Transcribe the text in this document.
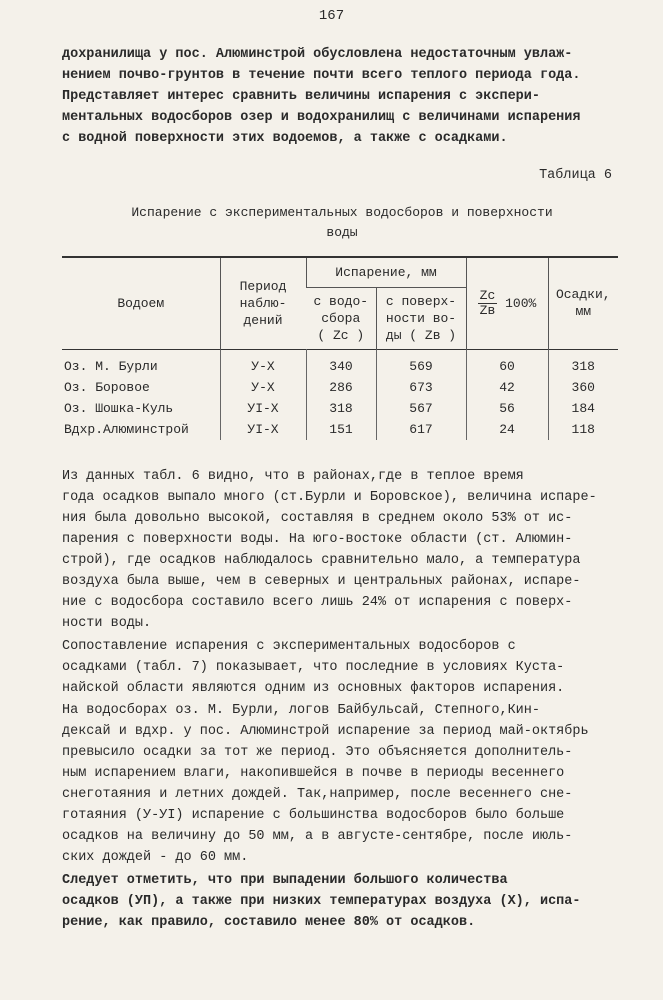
167
дохранилища у пос. Алюминстрой обусловлена недостаточным увлаж-
нением почво-грунтов в течение почти всего теплого периода года.
Представляет интерес сравнить величины испарения с экспери-
ментальных водосборов озер и водохранилищ с величинами испарения
с водной поверхности этих водоемов, а также с осадками.
Таблица 6
Испарение с экспериментальных водосборов и поверхности
воды
Водоем	Период
наблю-
дений	Испарение, мм		$\frac{Zc}{Zв} 100\%$	Осадки,
мм

		с водо-
сбора
( Zc )	с поверх-
ности во-
ды ( Zв )		

Оз. М. Бурли	У-Х	340	569	60	318
Оз. Боровое	У-Х	286	673	42	360
Оз. Шошка-Куль	УI-Х	318	567	56	184
Вдхр.Алюминстрой	УI-Х	151	617	24	118
Из данных табл. 6 видно, что в районах,где в теплое время
года осадков выпало много (ст.Бурли и Боровское), величина испаре-
ния была довольно высокой, составляя в среднем около 53% от ис-
парения с поверхности воды. На юго-востоке области (ст. Алюмин-
строй), где осадков наблюдалось сравнительно мало, а температура
воздуха была выше, чем в северных и центральных районах, испаре-
ние с водосбора составило всего лишь 24% от испарения с поверх-
ности воды.
Сопоставление испарения с экспериментальных водосборов с
осадками (табл. 7) показывает, что последние в условиях Куста-
найской области являются одним из основных факторов испарения.
На водосборах оз. М. Бурли, логов Байбульсай, Степного,Кин-
дексай и вдхр. у пос. Алюминстрой испарение за период май-октябрь
превысило осадки за тот же период. Это объясняется дополнитель-
ным испарением влаги, накопившейся в почве в периоды весеннего
снеготаяния и летних дождей. Так,например, после весеннего сне-
готаяния (У-УI) испарение с большинства водосборов было больше
осадков на величину до 50 мм, а в августе-сентябре, после июль-
ских дождей - до 60 мм.
Следует отметить, что при выпадении большого количества
осадков (УП), а также при низких температурах воздуха (Х), испа-
рение, как правило, составило менее 80% от осадков.
